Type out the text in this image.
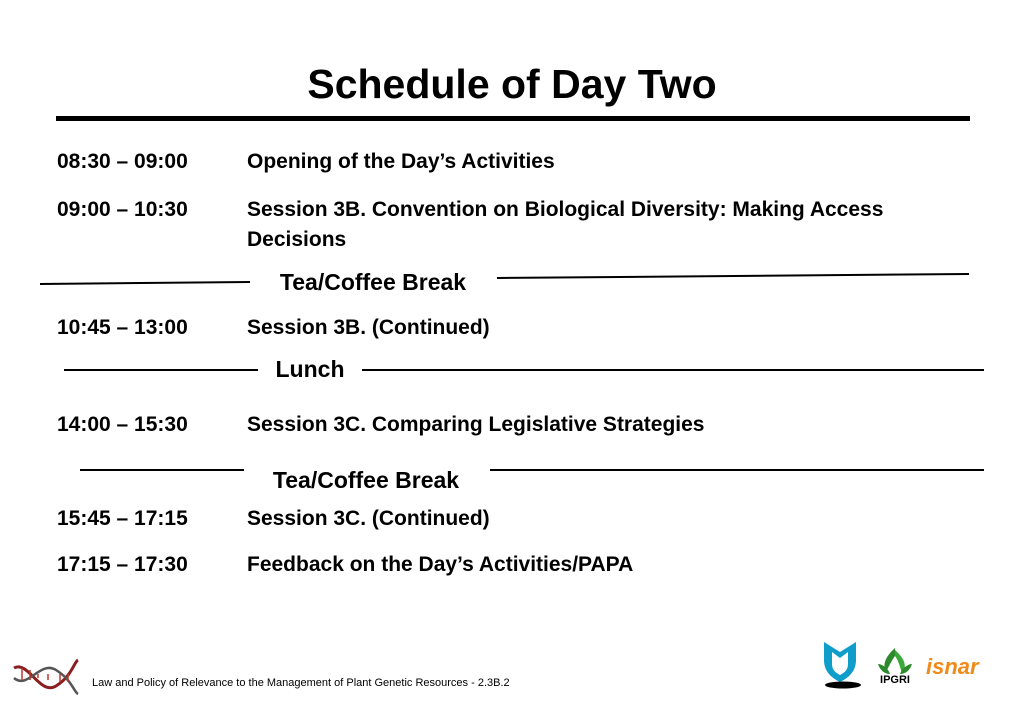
Schedule of Day Two
08:30 – 09:00	Opening of the Day’s Activities
09:00 – 10:30	Session 3B. Convention on Biological Diversity: Making Access Decisions
Tea/Coffee Break
10:45 – 13:00	Session 3B. (Continued)
Lunch
14:00 – 15:30	Session 3C. Comparing Legislative Strategies
Tea/Coffee Break
15:45 – 17:15	Session 3C. (Continued)
17:15 – 17:30	Feedback on the Day’s Activities/PAPA
Law and Policy of Relevance to the Management of Plant Genetic Resources - 2.3B.2	IPGRI
isnar
